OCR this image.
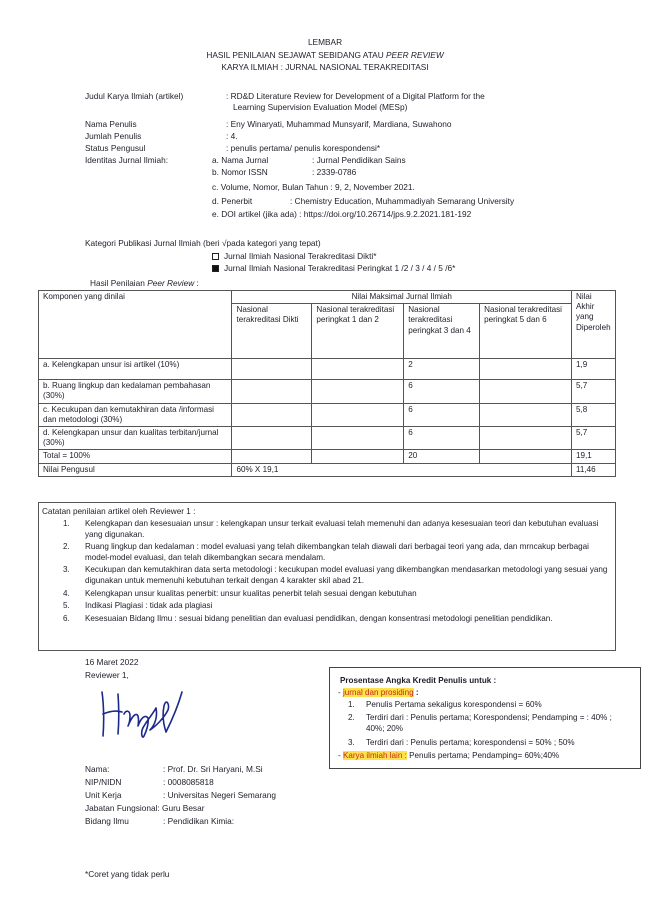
LEMBAR
HASIL PENILAIAN SEJAWAT SEBIDANG ATAU PEER REVIEW
KARYA ILMIAH : JURNAL NASIONAL TERAKREDITASI
Judul Karya Ilmiah (artikel)	: RD&D Literature Review for Development of a Digital Platform for the
Learning Supervision Evaluation Model (MESp)
Nama Penulis	: Eny Winaryati, Muhammad Munsyarif, Mardiana, Suwahono
Jumlah Penulis	: 4.
Status Pengusul	: penulis pertama/ penulis korespondensi*
Identitas Jurnal Ilmiah:	a. Nama Jurnal	: Jurnal Pendidikan Sains
b. Nomor ISSN	: 2339-0786
c. Volume, Nomor, Bulan Tahun : 9, 2, November 2021.
d. Penerbit	: Chemistry Education, Muhammadiyah Semarang University
e. DOI artikel (jika ada) : https://doi.org/10.26714/jps.9.2.2021.181-192
Kategori Publikasi Jurnal Ilmiah (beri √pada kategori yang tepat)
Jurnal Ilmiah Nasional Terakreditasi Dikti*
Jurnal Ilmiah Nasional Terakreditasi Peringkat 1 /2 / 3 / 4 / 5 /6*
Hasil Penilaian Peer Review :
Komponen yang dinilai	Nilai Maksimal Jurnal Ilmiah				Nilai Akhir yang Diperoleh
	Nasional terakreditasi Dikti	Nasional terakreditasi peringkat 1 dan 2	Nasional terakreditasi peringkat 3 dan 4	Nasional terakreditasi peringkat 5 dan 6	
a. Kelengkapan unsur isi artikel (10%)			2		1,9
b. Ruang lingkup dan kedalaman pembahasan (30%)			6		5,7
c. Kecukupan dan kemutakhiran data /informasi dan metodologi (30%)			6		5,8
d. Kelengkapan unsur dan kualitas terbitan/jurnal (30%)			6		5,7
Total = 100%			20		19,1
Nilai Pengusul	60% X 19,1				11,46
Catatan penilaian artikel oleh Reviewer 1 :
1. Kelengkapan dan kesesuaian unsur : kelengkapan unsur terkait evaluasi telah memenuhi dan adanya kesesuaian teori dan kebutuhan evaluasi yang digunakan.
2. Ruang lingkup dan kedalaman : model evaluasi yang telah dikembangkan telah diawali dari berbagai teori yang ada, dan mrncakup berbagai model-model evaluasi, dan telah dikembangkan secara mendalam.
3. Kecukupan dan kemutakhiran data serta metodologi : kecukupan model evaluasi yang dikembangkan mendasarkan metodologi yang sesuai yang digunakan untuk memenuhi kebutuhan terkait dengan 4 karakter skil abad 21.
4. Kelengkapan unsur kualitas penerbit: unsur kualitas penerbit telah sesuai dengan kebutuhan
5. Indikasi Plagiasi : tidak ada plagiasi
6. Kesesuaian Bidang Ilmu : sesuai bidang penelitian dan evaluasi pendidikan, dengan konsentrasi metodologi penelitian pendidikan.
16 Maret 2022
Reviewer 1,
Nama:	: Prof. Dr. Sri Haryani, M.Si
NIP/NIDN	: 0008085818
Unit Kerja	: Universitas Negeri Semarang
Jabatan Fungsional: Guru Besar
Bidang Ilmu	: Pendidikan Kimia:
Prosentase Angka Kredit Penulis untuk :
- jurnal dan prosiding :
1.	Penulis Pertama sekaligus korespondensi = 60%
2.	Terdiri dari : Penulis pertama; Korespondensi; Pendamping = : 40% ; 40%; 20%
3.	Terdiri dari : Penulis pertama; korespondensi = 50% ; 50%
- Karya ilmiah lain : Penulis pertama; Pendamping= 60%;40%
*Coret yang tidak perlu
